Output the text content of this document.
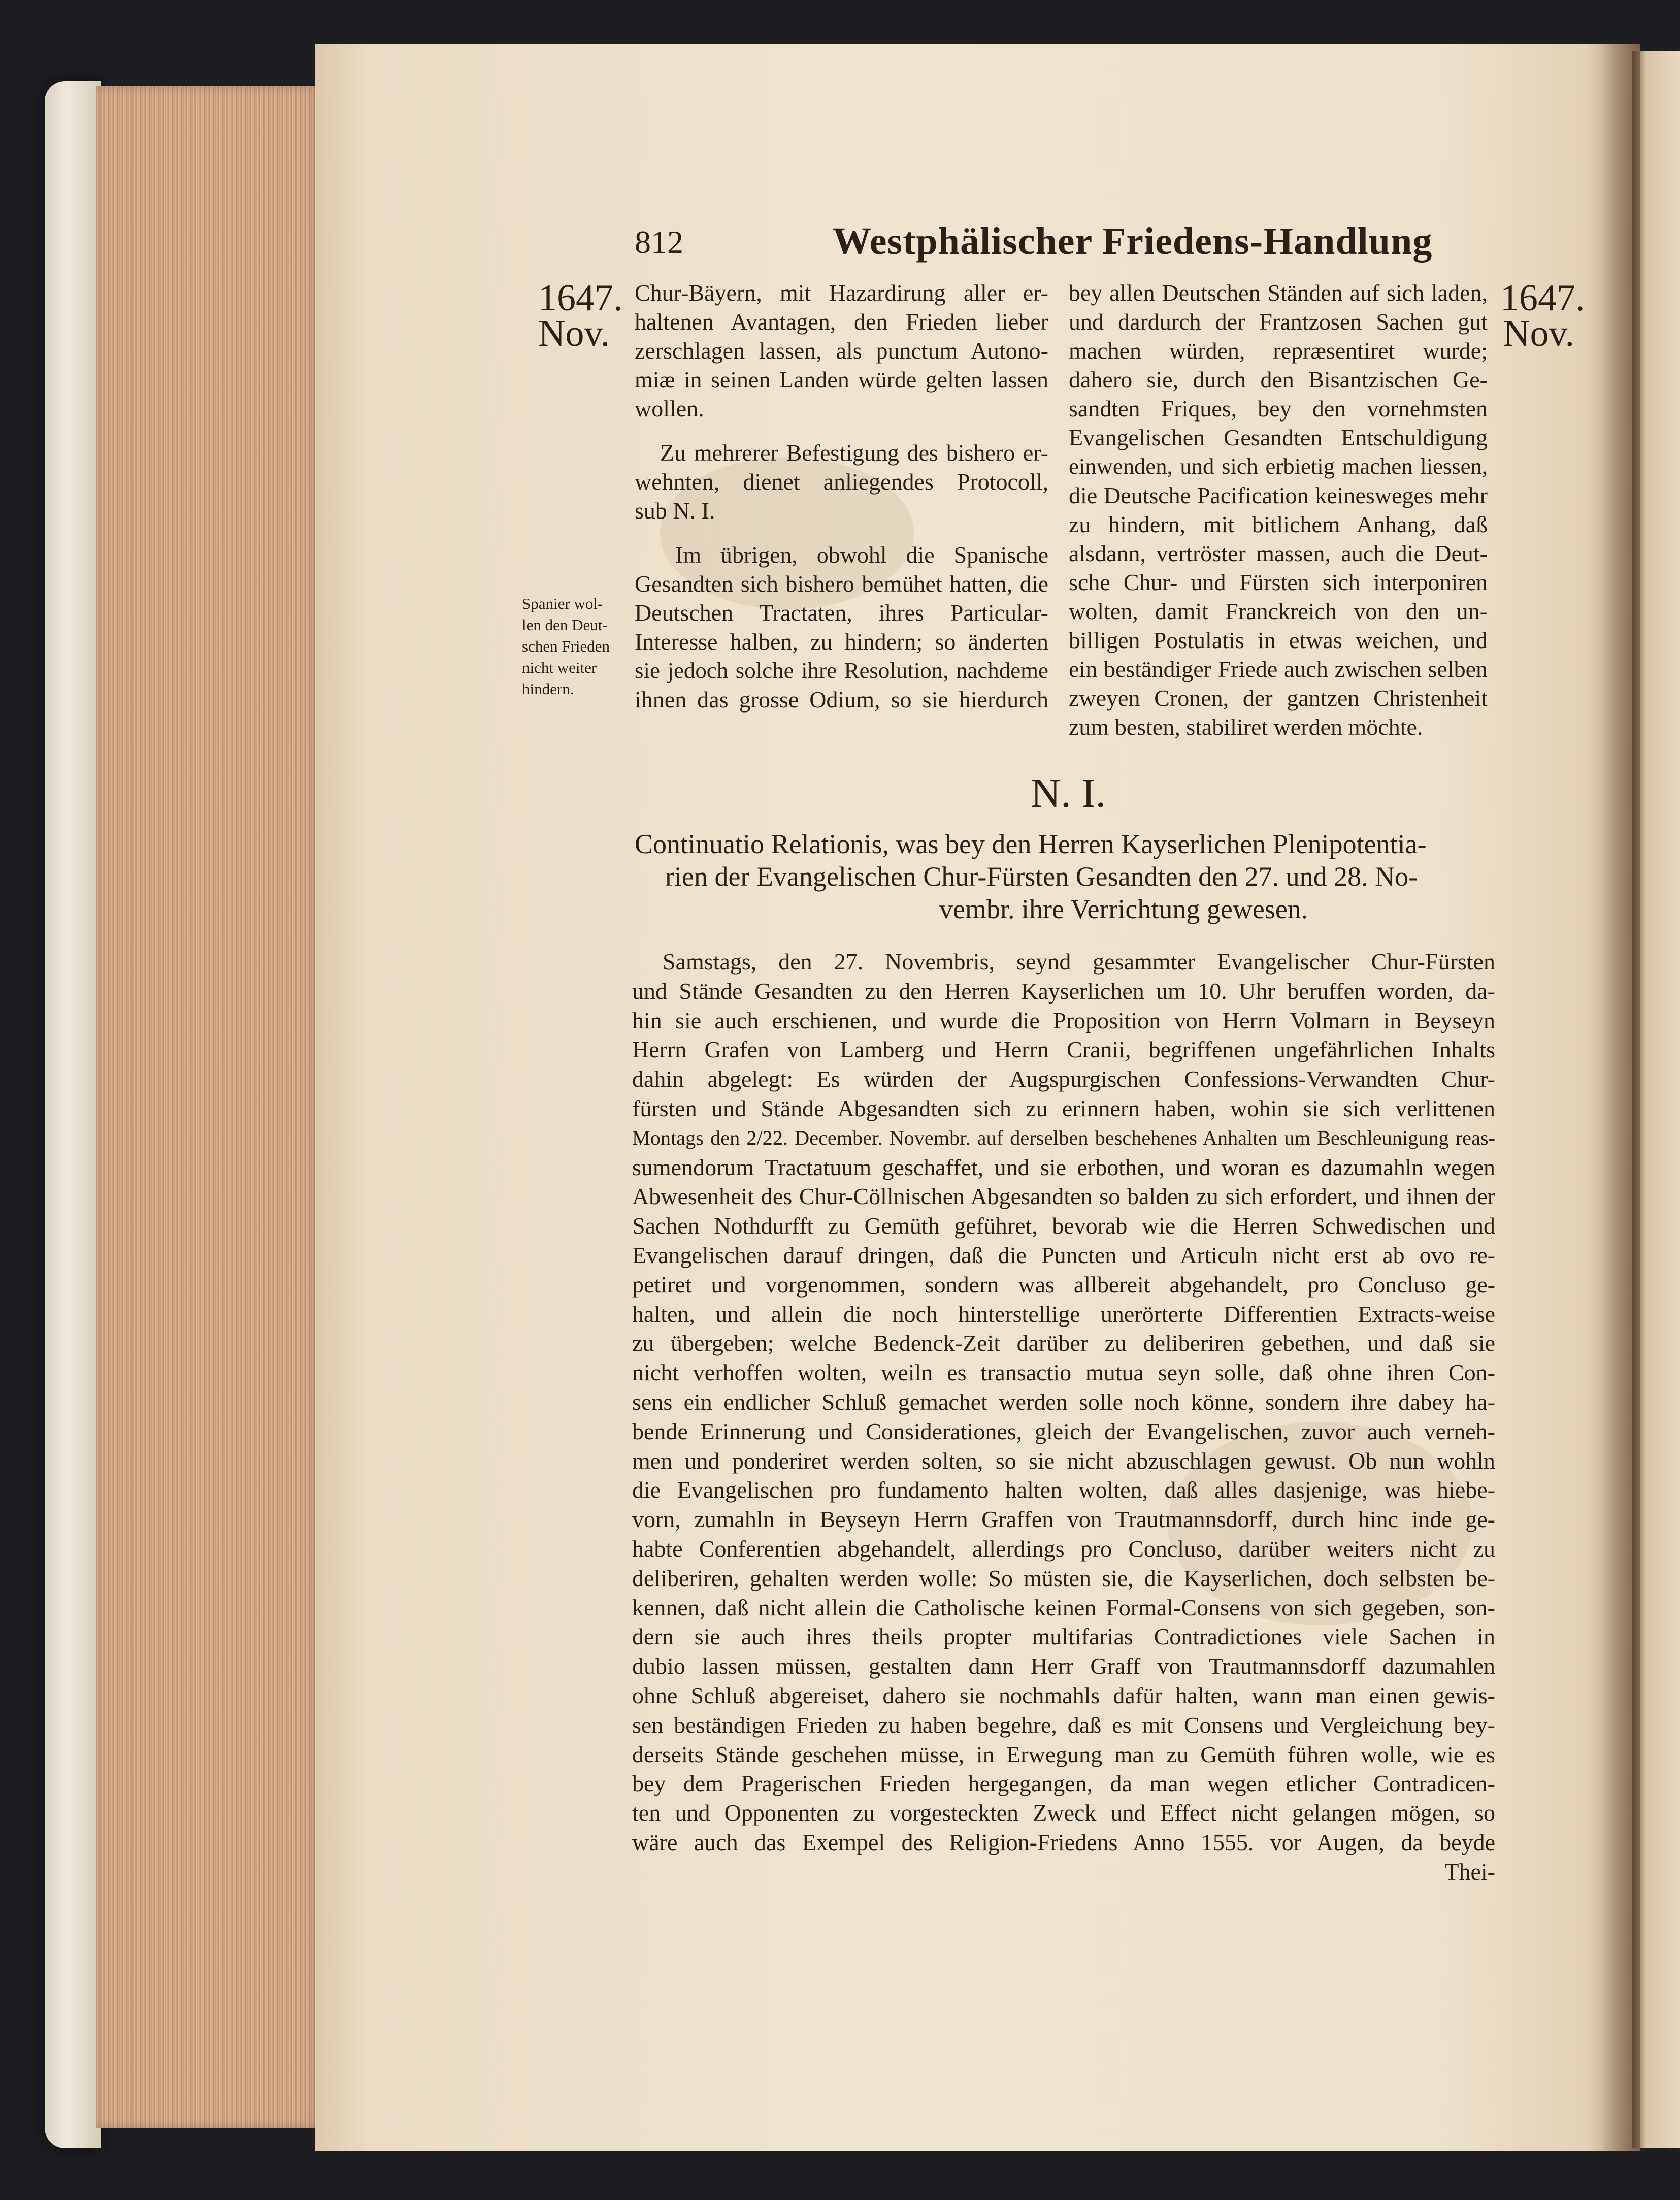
812	Westphälischer Friedens-Handlung
1647.
Nov.
1647.
Nov.
Chur-Bäyern, mit Hazardirung aller er-
haltenen Avantagen, den Frieden lieber
zerschlagen lassen, als punctum Autono-
miæ in seinen Landen würde gelten lassen
wollen.
Zu mehrerer Befestigung des bishero er-
wehnten, dienet anliegendes Protocoll,
sub N. I.
Im übrigen, obwohl die Spanische
Gesandten sich bishero bemühet hatten, die
Deutschen Tractaten, ihres Particular-
Interesse halben, zu hindern; so änderten
sie jedoch solche ihre Resolution, nachdeme
ihnen das grosse Odium, so sie hierdurch
Spanier wol-
len den Deut-
schen Frieden
nicht weiter
hindern.
bey allen Deutschen Ständen auf sich laden,
und dardurch der Frantzosen Sachen gut
machen würden, repræsentiret wurde;
dahero sie, durch den Bisantzischen Ge-
sandten Friques, bey den vornehmsten
Evangelischen Gesandten Entschuldigung
einwenden, und sich erbietig machen liessen,
die Deutsche Pacification keinesweges mehr
zu hindern, mit bitlichem Anhang, daß
alsdann, vertröster massen, auch die Deut-
sche Chur- und Fürsten sich interponiren
wolten, damit Franckreich von den un-
billigen Postulatis in etwas weichen, und
ein beständiger Friede auch zwischen selben
zweyen Cronen, der gantzen Christenheit
zum besten, stabiliret werden möchte.
N. I.
Continuatio Relationis, was bey den Herren Kayserlichen Plenipotentia-
rien der Evangelischen Chur-Fürsten Gesandten den 27. und 28. No-
vembr. ihre Verrichtung gewesen.
Samstags, den 27. Novembris, seynd gesammter Evangelischer Chur-Fürsten
und Stände Gesandten zu den Herren Kayserlichen um 10. Uhr beruffen worden, da-
hin sie auch erschienen, und wurde die Proposition von Herrn Volmarn in Beyseyn
Herrn Grafen von Lamberg und Herrn Cranii, begriffenen ungefährlichen Inhalts
dahin abgelegt: Es würden der Augspurgischen Confessions-Verwandten Chur-
fürsten und Stände Abgesandten sich zu erinnern haben, wohin sie sich verlittenen
Montags den 2/22. December. Novembr. auf derselben beschehenes Anhalten um Beschleunigung reas-
sumendorum Tractatuum geschaffet, und sie erbothen, und woran es dazumahln wegen
Abwesenheit des Chur-Cöllnischen Abgesandten so balden zu sich erfordert, und ihnen der
Sachen Nothdurfft zu Gemüth geführet, bevorab wie die Herren Schwedischen und
Evangelischen darauf dringen, daß die Puncten und Articuln nicht erst ab ovo re-
petiret und vorgenommen, sondern was allbereit abgehandelt, pro Concluso ge-
halten, und allein die noch hinterstellige unerörterte Differentien Extracts-weise
zu übergeben; welche Bedenck-Zeit darüber zu deliberiren gebethen, und daß sie
nicht verhoffen wolten, weiln es transactio mutua seyn solle, daß ohne ihren Con-
sens ein endlicher Schluß gemachet werden solle noch könne, sondern ihre dabey ha-
bende Erinnerung und Considerationes, gleich der Evangelischen, zuvor auch verneh-
men und ponderiret werden solten, so sie nicht abzuschlagen gewust. Ob nun wohln
die Evangelischen pro fundamento halten wolten, daß alles dasjenige, was hiebe-
vorn, zumahln in Beyseyn Herrn Graffen von Trautmannsdorff, durch hinc inde ge-
habte Conferentien abgehandelt, allerdings pro Concluso, darüber weiters nicht zu
deliberiren, gehalten werden wolle: So müsten sie, die Kayserlichen, doch selbsten be-
kennen, daß nicht allein die Catholische keinen Formal-Consens von sich gegeben, son-
dern sie auch ihres theils propter multifarias Contradictiones viele Sachen in
dubio lassen müssen, gestalten dann Herr Graff von Trautmannsdorff dazumahlen
ohne Schluß abgereiset, dahero sie nochmahls dafür halten, wann man einen gewis-
sen beständigen Frieden zu haben begehre, daß es mit Consens und Vergleichung bey-
derseits Stände geschehen müsse, in Erwegung man zu Gemüth führen wolle, wie es
bey dem Pragerischen Frieden hergegangen, da man wegen etlicher Contradicen-
ten und Opponenten zu vorgesteckten Zweck und Effect nicht gelangen mögen, so
wäre auch das Exempel des Religion-Friedens Anno 1555. vor Augen, da beyde
Thei-
